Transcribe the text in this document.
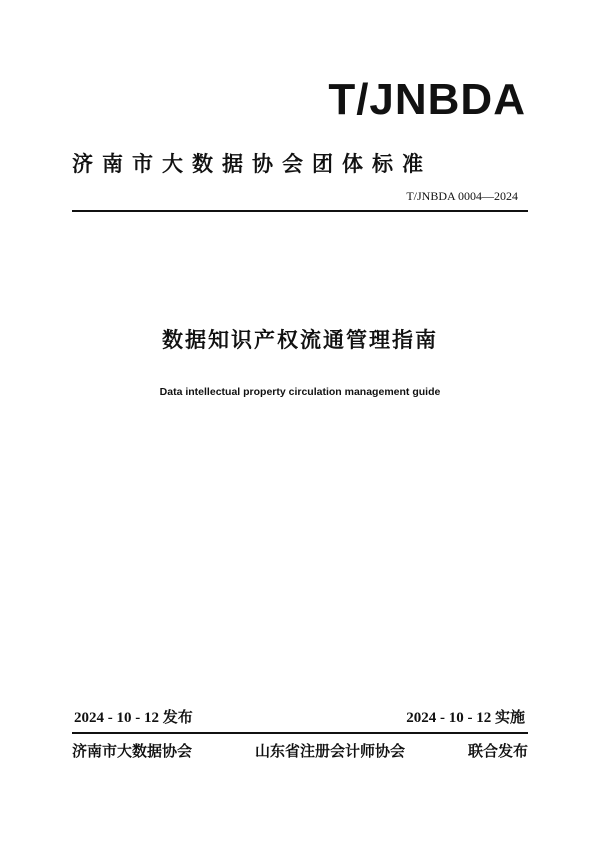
T/JNBDA
济南市大数据协会团体标准
T/JNBDA 0004—2024
数据知识产权流通管理指南
Data intellectual property circulation management guide
2024 - 10 - 12 发布	2024 - 10 - 12 实施
济南市大数据协会	山东省注册会计师协会	联合发布
